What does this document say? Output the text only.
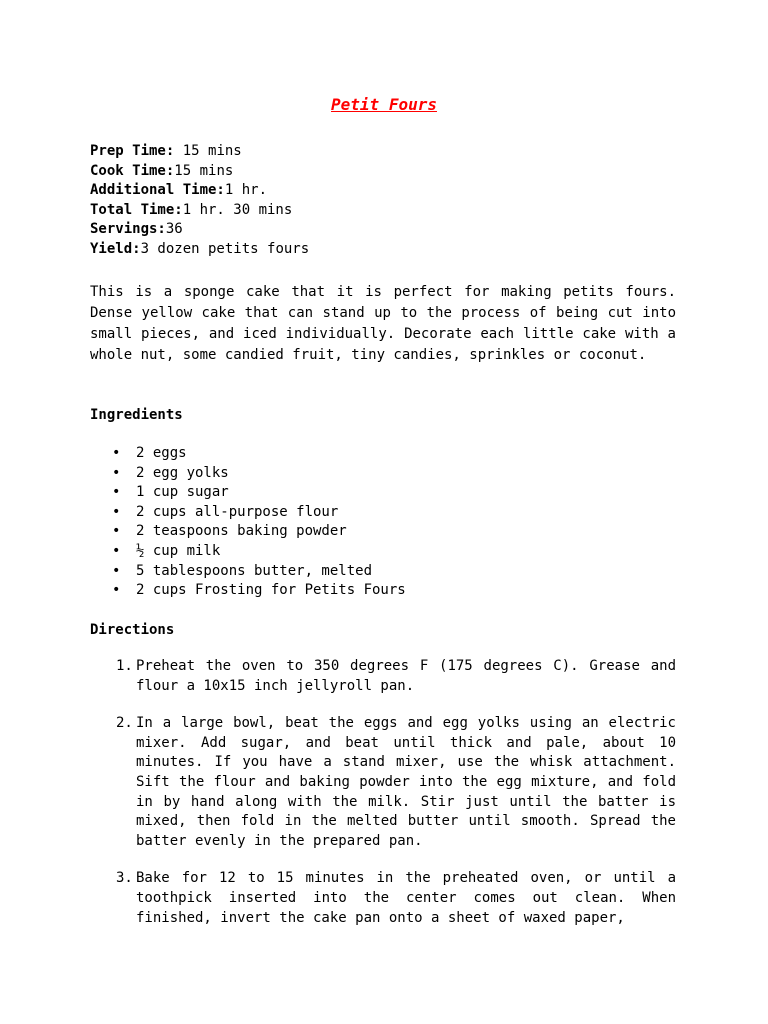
Petit Fours
Prep Time: 15 mins
Cook Time:15 mins
Additional Time:1 hr.
Total Time:1 hr. 30 mins
Servings:36
Yield:3 dozen petits fours

This is a sponge cake that it is perfect for making petits fours. Dense yellow cake that can stand up to the process of being cut into small pieces, and iced individually. Decorate each little cake with a whole nut, some candied fruit, tiny candies, sprinkles or coconut.

Ingredients
• 2 eggs
• 2 egg yolks
• 1 cup sugar
• 2 cups all-purpose flour
• 2 teaspoons baking powder
• ½ cup milk
• 5 tablespoons butter, melted
• 2 cups Frosting for Petits Fours
Directions
1. Preheat the oven to 350 degrees F (175 degrees C). Grease and flour a 10x15 inch jellyroll pan.
2. In a large bowl, beat the eggs and egg yolks using an electric mixer. Add sugar, and beat until thick and pale, about 10 minutes. If you have a stand mixer, use the whisk attachment. Sift the flour and baking powder into the egg mixture, and fold in by hand along with the milk. Stir just until the batter is mixed, then fold in the melted butter until smooth. Spread the batter evenly in the prepared pan.
3. Bake for 12 to 15 minutes in the preheated oven, or until a toothpick inserted into the center comes out clean. When finished, invert the cake pan onto a sheet of waxed paper,
